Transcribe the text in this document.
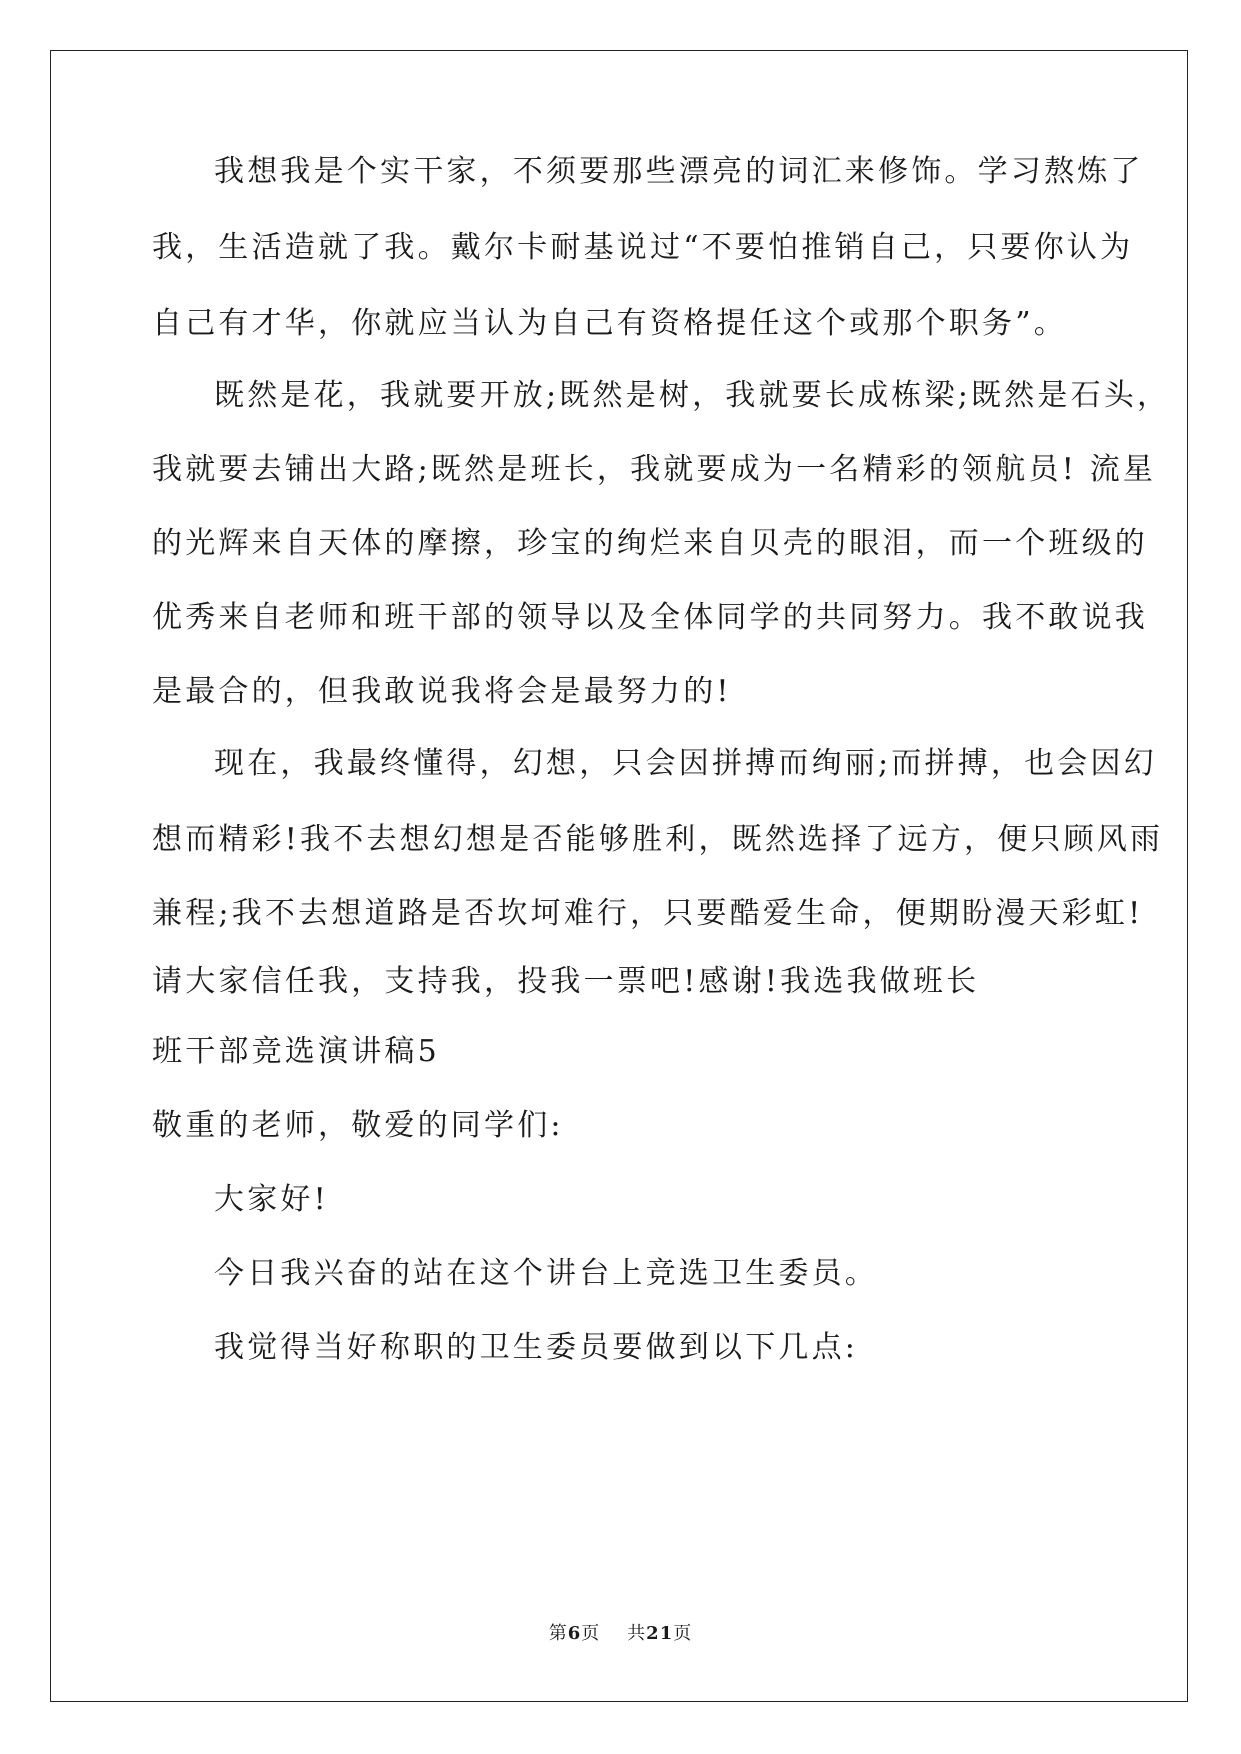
我想我是个实干家，不须要那些漂亮的词汇来修饰。学习熬炼了
我，生活造就了我。戴尔卡耐基说过“不要怕推销自己，只要你认为
自己有才华，你就应当认为自己有资格提任这个或那个职务”。
既然是花，我就要开放;既然是树，我就要长成栋梁;既然是石头，
我就要去铺出大路;既然是班长，我就要成为一名精彩的领航员! 流星
的光辉来自天体的摩擦，珍宝的绚烂来自贝壳的眼泪，而一个班级的
优秀来自老师和班干部的领导以及全体同学的共同努力。我不敢说我
是最合的，但我敢说我将会是最努力的!
现在，我最终懂得，幻想，只会因拼搏而绚丽;而拼搏，也会因幻
想而精彩!我不去想幻想是否能够胜利，既然选择了远方，便只顾风雨
兼程;我不去想道路是否坎坷难行，只要酷爱生命，便期盼漫天彩虹!
请大家信任我，支持我，投我一票吧!感谢!我选我做班长
班干部竞选演讲稿5
敬重的老师，敬爱的同学们:
大家好!
今日我兴奋的站在这个讲台上竞选卫生委员。
我觉得当好称职的卫生委员要做到以下几点:
第6页 共21页
